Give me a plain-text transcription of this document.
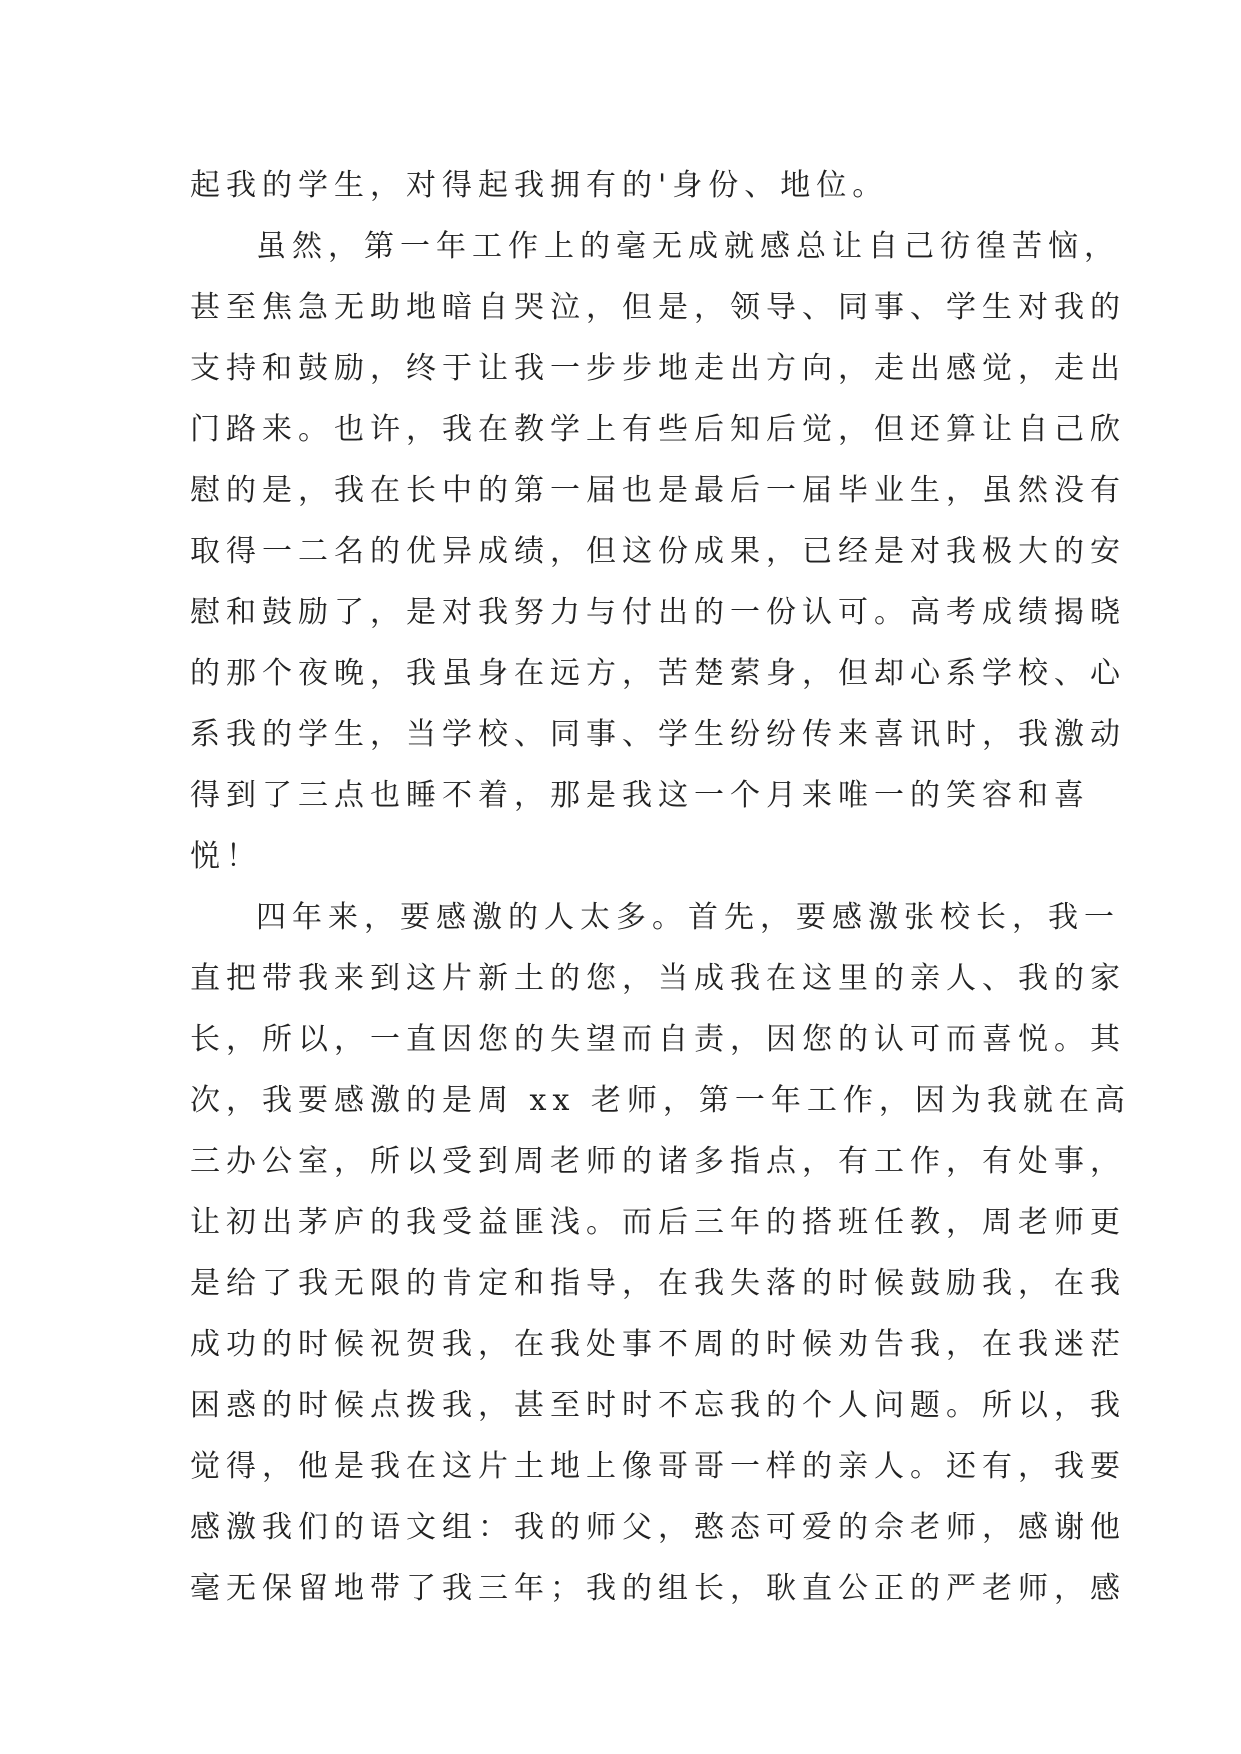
起我的学生，对得起我拥有的'身份、地位。
虽然，第一年工作上的毫无成就感总让自己彷徨苦恼，
甚至焦急无助地暗自哭泣，但是，领导、同事、学生对我的
支持和鼓励，终于让我一步步地走出方向，走出感觉，走出
门路来。也许，我在教学上有些后知后觉，但还算让自己欣
慰的是，我在长中的第一届也是最后一届毕业生，虽然没有
取得一二名的优异成绩，但这份成果，已经是对我极大的安
慰和鼓励了，是对我努力与付出的一份认可。高考成绩揭晓
的那个夜晚，我虽身在远方，苦楚萦身，但却心系学校、心
系我的学生，当学校、同事、学生纷纷传来喜讯时，我激动
得到了三点也睡不着，那是我这一个月来唯一的笑容和喜
悦！
四年来，要感激的人太多。首先，要感激张校长，我一
直把带我来到这片新土的您，当成我在这里的亲人、我的家
长，所以，一直因您的失望而自责，因您的认可而喜悦。其
次，我要感激的是周 xx 老师，第一年工作，因为我就在高
三办公室，所以受到周老师的诸多指点，有工作，有处事，
让初出茅庐的我受益匪浅。而后三年的搭班任教，周老师更
是给了我无限的肯定和指导，在我失落的时候鼓励我，在我
成功的时候祝贺我，在我处事不周的时候劝告我，在我迷茫
困惑的时候点拨我，甚至时时不忘我的个人问题。所以，我
觉得，他是我在这片土地上像哥哥一样的亲人。还有，我要
感激我们的语文组：我的师父，憨态可爱的佘老师，感谢他
毫无保留地带了我三年；我的组长，耿直公正的严老师，感
